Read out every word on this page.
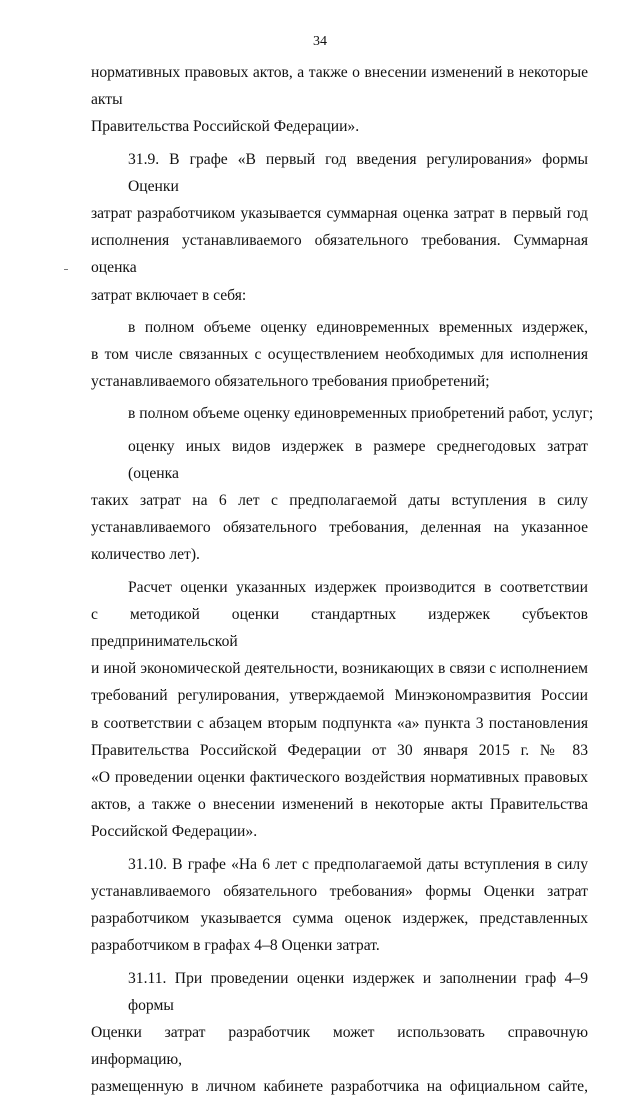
34
нормативных правовых актов, а также о внесении изменений в некоторые акты
Правительства Российской Федерации».
31.9. В графе «В первый год введения регулирования» формы Оценки
затрат разработчиком указывается суммарная оценка затрат в первый год
исполнения устанавливаемого обязательного требования. Суммарная оценка
затрат включает в себя:
в полном объеме оценку единовременных временных издержек,
в том числе связанных с осуществлением необходимых для исполнения
устанавливаемого обязательного требования приобретений;
в полном объеме оценку единовременных приобретений работ, услуг;
оценку иных видов издержек в размере среднегодовых затрат (оценка
таких затрат на 6 лет с предполагаемой даты вступления в силу
устанавливаемого обязательного требования, деленная на указанное
количество лет).
Расчет оценки указанных издержек производится в соответствии
с методикой оценки стандартных издержек субъектов предпринимательской
и иной экономической деятельности, возникающих в связи с исполнением
требований регулирования, утверждаемой Минэкономразвития России
в соответствии с абзацем вторым подпункта «а» пункта 3 постановления
Правительства Российской Федерации от 30 января 2015 г. № 83
«О проведении оценки фактического воздействия нормативных правовых
актов, а также о внесении изменений в некоторые акты Правительства
Российской Федерации».
31.10. В графе «На 6 лет с предполагаемой даты вступления в силу
устанавливаемого обязательного требования» формы Оценки затрат
разработчиком указывается сумма оценок издержек, представленных
разработчиком в графах 4–8 Оценки затрат.
31.11. При проведении оценки издержек и заполнении граф 4–9 формы
Оценки затрат разработчик может использовать справочную информацию,
размещенную в личном кабинете разработчика на официальном сайте,
